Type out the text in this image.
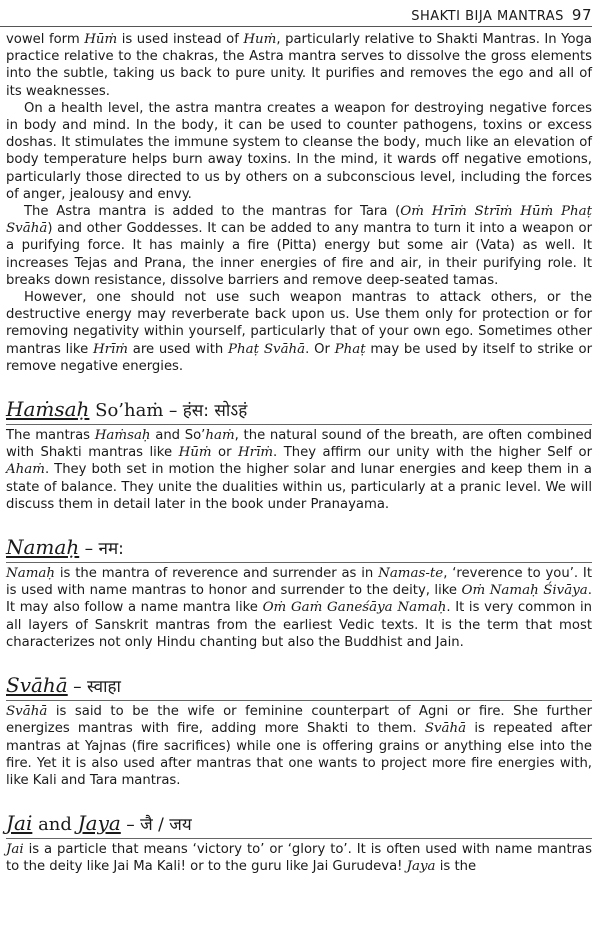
SHAKTI BIJA MANTRAS 97

vowel form Hūṁ is used instead of Huṁ, particularly relative to Shakti Mantras. In Yoga practice relative to the chakras, the Astra mantra serves to dissolve the gross elements into the subtle, taking us back to pure unity. It purifies and removes the ego and all of its weaknesses.

On a health level, the astra mantra creates a weapon for destroying negative forces in body and mind. In the body, it can be used to counter pathogens, toxins or excess doshas. It stimulates the immune system to cleanse the body, much like an elevation of body temperature helps burn away toxins. In the mind, it wards off negative emotions, particularly those directed to us by others on a subconscious level, including the forces of anger, jealousy and envy.

The Astra mantra is added to the mantras for Tara (Oṁ Hrīṁ Strīṁ Hūṁ Phaṭ Svāhā) and other Goddesses. It can be added to any mantra to turn it into a weapon or a purifying force. It has mainly a fire (Pitta) energy but some air (Vata) as well. It increases Tejas and Prana, the inner energies of fire and air, in their purifying role. It breaks down resistance, dissolve barriers and remove deep-seated tamas.

However, one should not use such weapon mantras to attack others, or the destructive energy may reverberate back upon us. Use them only for protection or for removing negativity within yourself, particularly that of your own ego. Sometimes other mantras like Hrīṁ are used with Phaṭ Svāhā. Or Phaṭ may be used by itself to strike or remove negative energies.

Haṁsaḥ So’haṁ – हंस: सोऽहं

The mantras Haṁsaḥ and So’haṁ, the natural sound of the breath, are often combined with Shakti mantras like Hūṁ or Hrīṁ. They affirm our unity with the higher Self or Ahaṁ. They both set in motion the higher solar and lunar energies and keep them in a state of balance. They unite the dualities within us, particularly at a pranic level. We will discuss them in detail later in the book under Pranayama.

Namaḥ – नम:

Namaḥ is the mantra of reverence and surrender as in Namas-te, ‘reverence to you’. It is used with name mantras to honor and surrender to the deity, like Oṁ Namaḥ Śivāya. It may also follow a name mantra like Oṁ Gaṁ Ganeśāya Namaḥ. It is very common in all layers of Sanskrit mantras from the earliest Vedic texts. It is the term that most characterizes not only Hindu chanting but also the Buddhist and Jain.

Svāhā – स्वाहा

Svāhā is said to be the wife or feminine counterpart of Agni or fire. She further energizes mantras with fire, adding more Shakti to them. Svāhā is repeated after mantras at Yajnas (fire sacrifices) while one is offering grains or anything else into the fire. Yet it is also used after mantras that one wants to project more fire energies with, like Kali and Tara mantras.

Jai and Jaya – जै / जय

Jai is a particle that means ‘victory to’ or ‘glory to’. It is often used with name mantras to the deity like Jai Ma Kali! or to the guru like Jai Gurudeva! Jaya is the
